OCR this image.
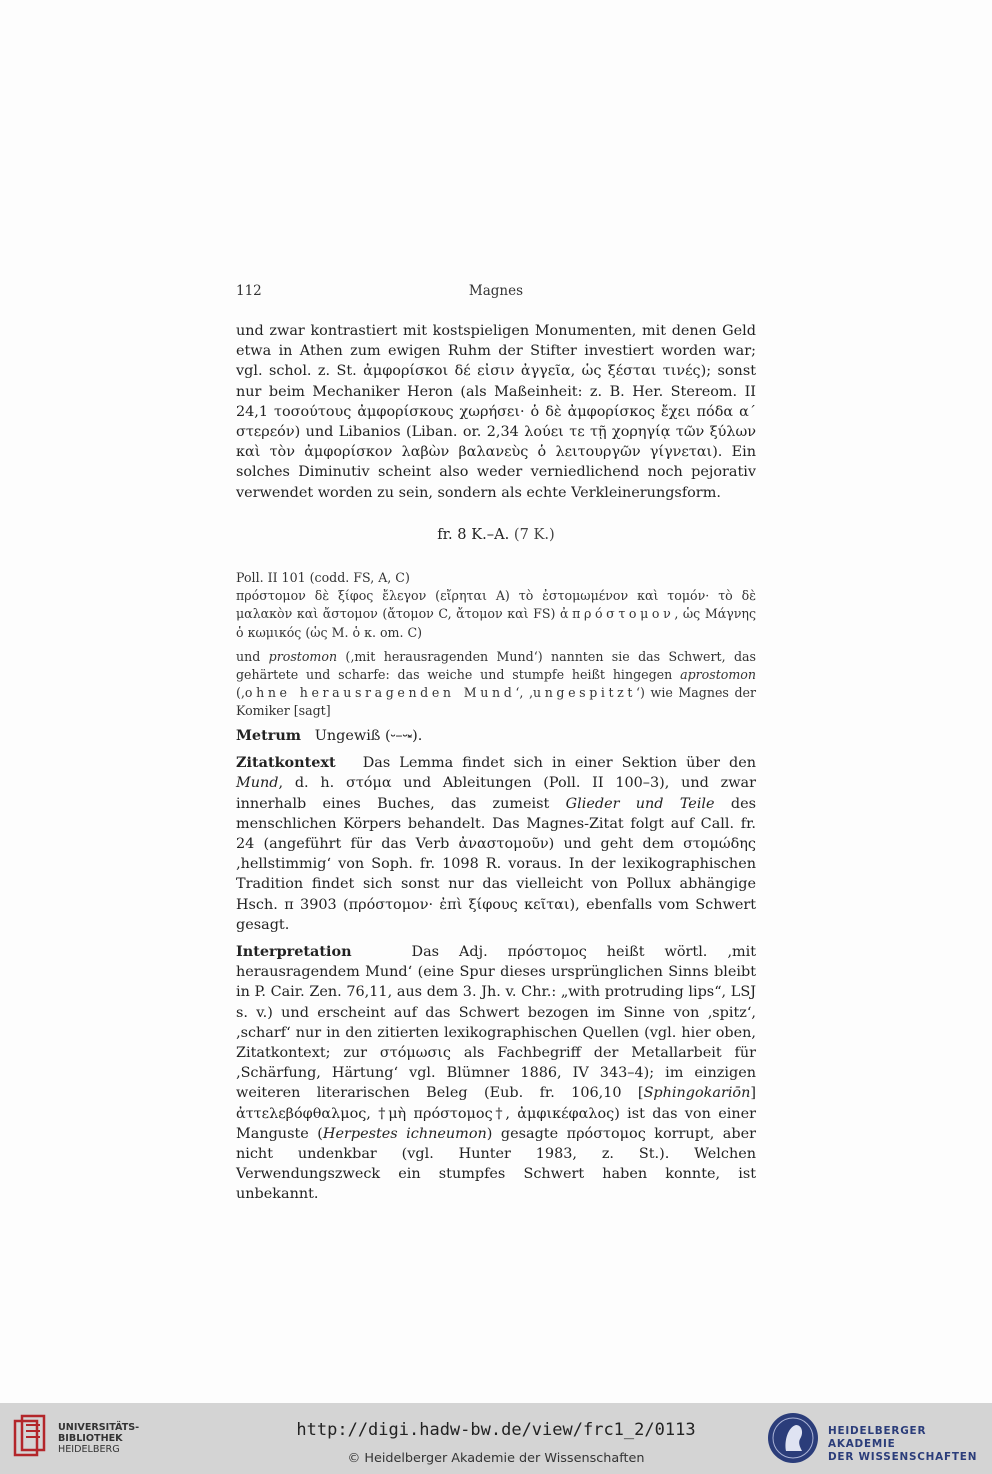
112	Magnes

und zwar kontrastiert mit kostspieligen Monumenten, mit denen Geld etwa in Athen zum ewigen Ruhm der Stifter investiert worden war; vgl. schol. z. St. ἀμφορίσκοι δέ εἰσιν ἀγγεῖα, ὡς ξέσται τινές); sonst nur beim Mechaniker Heron (als Maßeinheit: z. B. Her. Stereom. II 24,1 τοσούτους ἀμφορίσκους χωρήσει· ὁ δὲ ἀμφορίσκος ἔχει πόδα α΄ στερεόν) und Libanios (Liban. or. 2,34 λούει τε τῇ χορηγίᾳ τῶν ξύλων καὶ τὸν ἀμφορίσκον λαβὼν βαλανεὺς ὁ λειτουργῶν γίγνεται). Ein solches Diminutiv scheint also weder verniedlichend noch pejorativ verwendet worden zu sein, sondern als echte Verkleinerungsform.

fr. 8 K.–A. (7 K.)

Poll. II 101 (codd. FS, A, C)

πρόστομον δὲ ξίφος ἔλεγον (εἴρηται A) τὸ ἐστομωμένον καὶ τομόν· τὸ δὲ μαλακὸν καὶ ἄστομον (ἄτομον C, ἄτομον καὶ FS) ἀπρόστομον, ὡς Μάγνης ὁ κωμικός (ὡς M. ὁ κ. om. C)

und prostomon (‚mit herausragenden Mund‘) nannten sie das Schwert, das gehärtete und scharfe: das weiche und stumpfe heißt hingegen aprostomon (‚ohne herausragenden Mund‘, ‚ungespitzt‘) wie Magnes der Komiker [sagt]

Metrum Ungewiß (⏑–⏑⏓).

Zitatkontext Das Lemma findet sich in einer Sektion über den Mund, d. h. στόμα und Ableitungen (Poll. II 100–3), und zwar innerhalb eines Buches, das zumeist Glieder und Teile des menschlichen Körpers behandelt. Das Magnes-Zitat folgt auf Call. fr. 24 (angeführt für das Verb ἀναστομοῦν) und geht dem στομώδης ‚hellstimmig‘ von Soph. fr. 1098 R. voraus. In der lexikographischen Tradition findet sich sonst nur das vielleicht von Pollux abhängige Hsch. π 3903 (πρόστομον· ἐπὶ ξίφους κεῖται), ebenfalls vom Schwert gesagt.

Interpretation	Das Adj. πρόστομος heißt wörtl. ‚mit herausragendem Mund‘ (eine Spur dieses ursprünglichen Sinns bleibt in P. Cair. Zen. 76,11, aus dem 3. Jh. v. Chr.: „with protruding lips“, LSJ s. v.) und erscheint auf das Schwert bezogen im Sinne von ‚spitz‘, ‚scharf‘ nur in den zitierten lexikographischen Quellen (vgl. hier oben, Zitatkontext; zur στόμωσις als Fachbegriff der Metallarbeit für ‚Schärfung, Härtung‘ vgl. Blümner 1886, IV 343–4); im einzigen weiteren literarischen Beleg (Eub. fr. 106,10 [Sphingokariōn] ἀττελεβόφθαλμος, †μὴ πρόστομος†, ἀμφικέφαλος) ist das von einer Manguste (Herpestes ichneumon) gesagte πρόστομος korrupt, aber nicht undenkbar (vgl. Hunter 1983, z. St.). Welchen Verwendungszweck ein stumpfes Schwert haben konnte, ist unbekannt.

UNIVERSITÄTS-
BIBLIOTHEK
HEIDELBERG
http://digi.hadw-bw.de/view/frc1_2/0113
© Heidelberger Akademie der Wissenschaften
HEIDELBERGER AKADEMIE
DER WISSENSCHAFTEN
